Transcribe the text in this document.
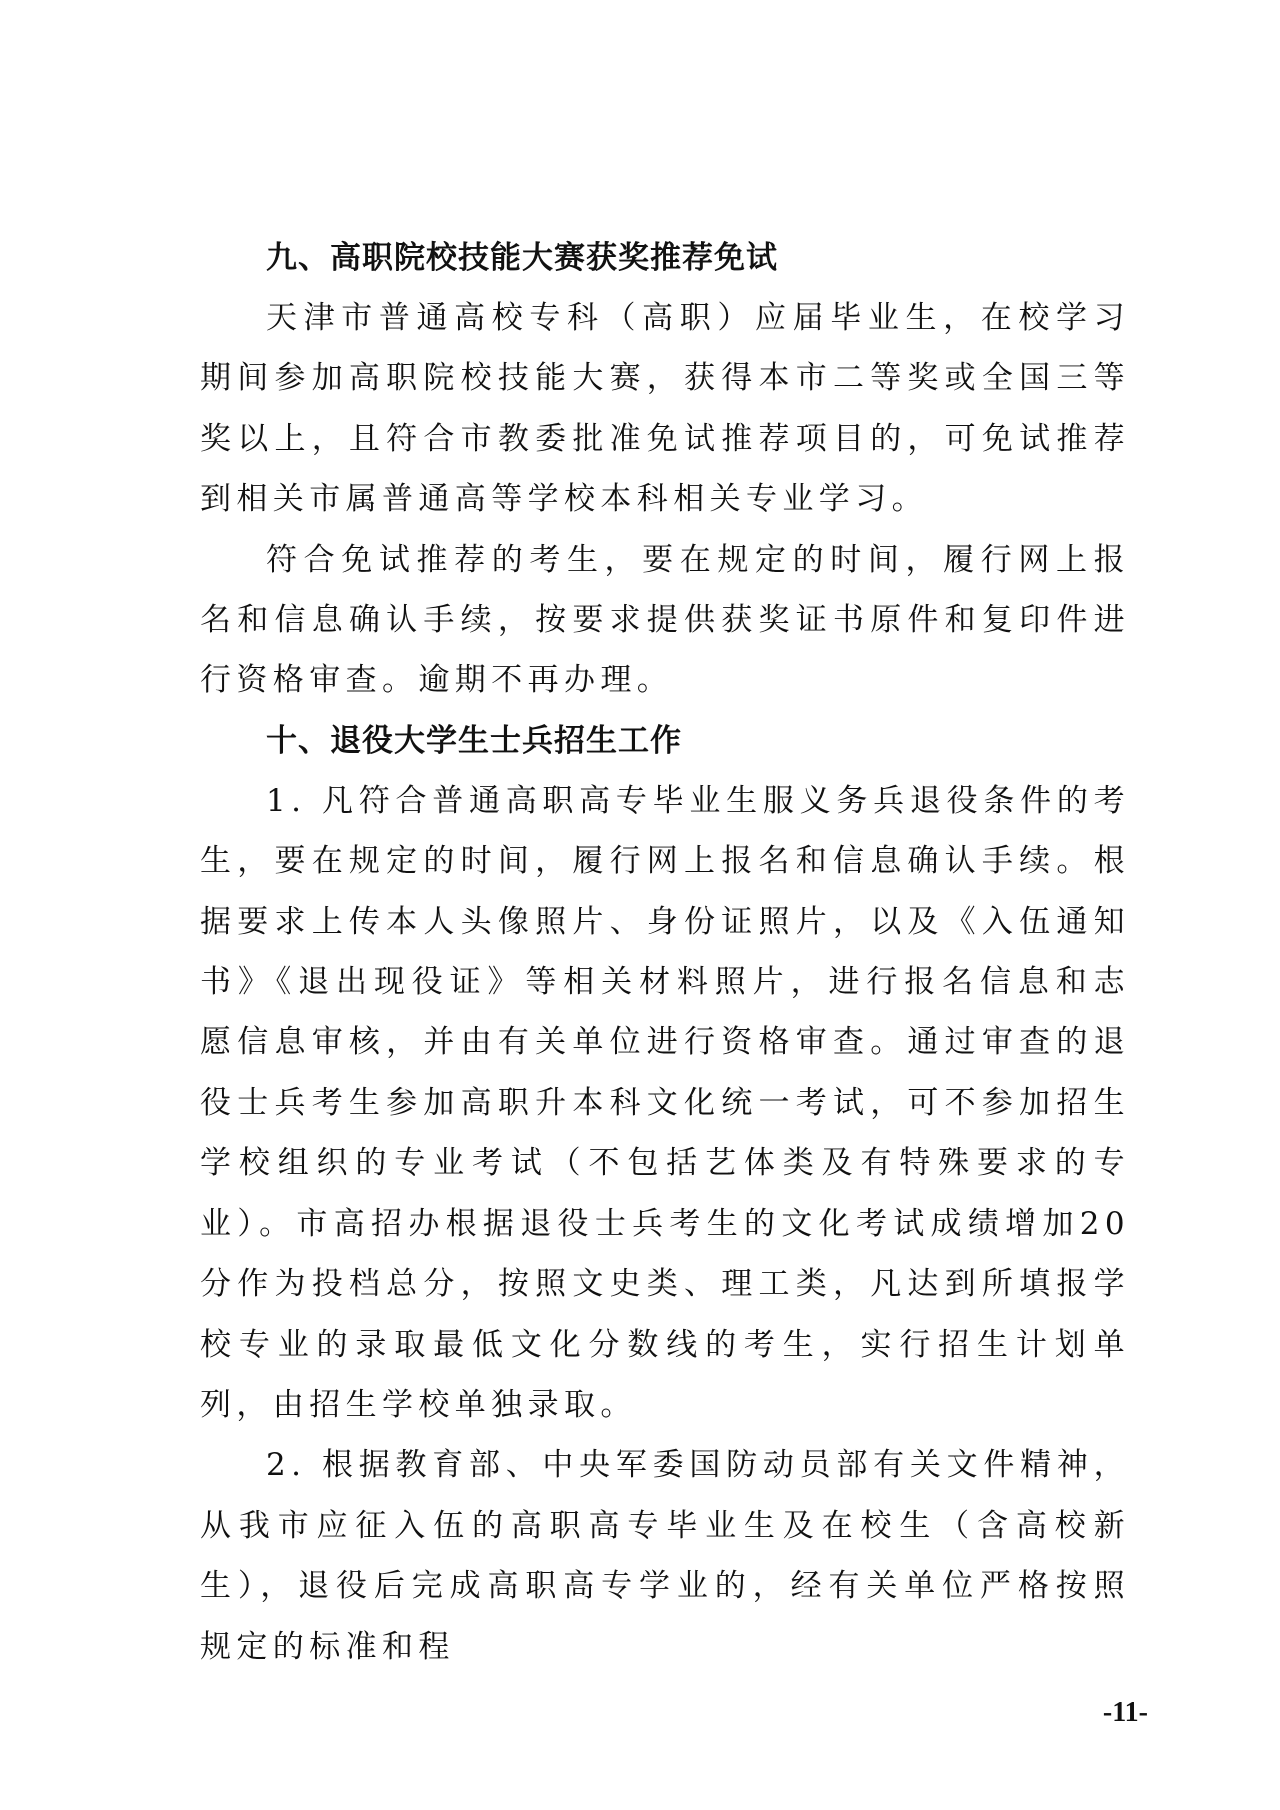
九、高职院校技能大赛获奖推荐免试

天津市普通高校专科（高职）应届毕业生，在校学习期间参加高职院校技能大赛，获得本市二等奖或全国三等奖以上，且符合市教委批准免试推荐项目的，可免试推荐到相关市属普通高等学校本科相关专业学习。

符合免试推荐的考生，要在规定的时间，履行网上报名和信息确认手续，按要求提供获奖证书原件和复印件进行资格审查。逾期不再办理。

十、退役大学生士兵招生工作

1. 凡符合普通高职高专毕业生服义务兵退役条件的考生，要在规定的时间，履行网上报名和信息确认手续。根据要求上传本人头像照片、身份证照片，以及《入伍通知书》《退出现役证》等相关材料照片，进行报名信息和志愿信息审核，并由有关单位进行资格审查。通过审查的退役士兵考生参加高职升本科文化统一考试，可不参加招生学校组织的专业考试（不包括艺体类及有特殊要求的专业）。市高招办根据退役士兵考生的文化考试成绩增加20分作为投档总分，按照文史类、理工类，凡达到所填报学校专业的录取最低文化分数线的考生，实行招生计划单列，由招生学校单独录取。

2. 根据教育部、中央军委国防动员部有关文件精神，从我市应征入伍的高职高专毕业生及在校生（含高校新生），退役后完成高职高专学业的，经有关单位严格按照规定的标准和程

-11-
